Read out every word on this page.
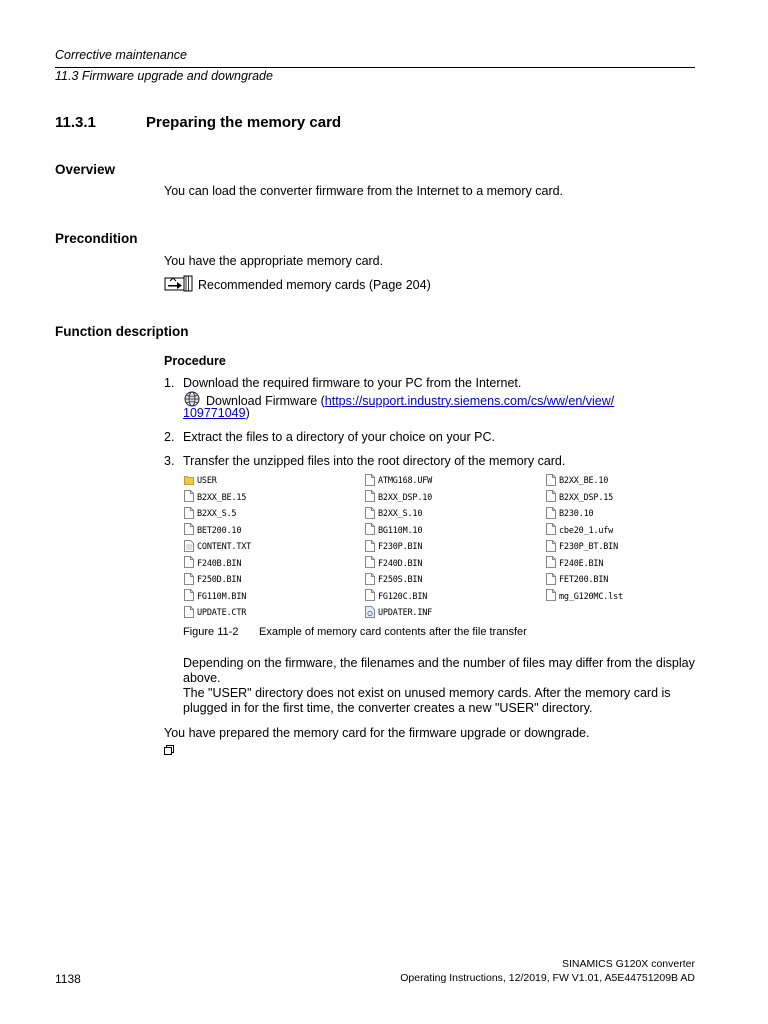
Corrective maintenance
11.3 Firmware upgrade and downgrade
11.3.1	Preparing the memory card
Overview
You can load the converter firmware from the Internet to a memory card.
Precondition
You have the appropriate memory card.
Recommended memory cards (Page 204)
Function description
Procedure
1. Download the required firmware to your PC from the Internet.
Download Firmware ( https://support.industry.siemens.com/cs/ww/en/view/
109771049)
2. Extract the files to a directory of your choice on your PC.
3. Transfer the unzipped files into the root directory of the memory card.
USER	ATMG168.UFW	B2XX_BE.10
B2XX_BE.15	B2XX_DSP.10	B2XX_DSP.15
B2XX_S.5	B2XX_S.10	B230.10
BET200.10	BG110M.10	cbe20_1.ufw
CONTENT.TXT	F230P.BIN	F230P_BT.BIN
F240B.BIN	F240D.BIN	F240E.BIN
F250D.BIN	F250S.BIN	FET200.BIN
FG110M.BIN	FG120C.BIN	mg_G120MC.lst
UPDATE.CTR	UPDATER.INF
Figure 11-2 Example of memory card contents after the file transfer
Depending on the firmware, the filenames and the number of files may differ from the display above.
The "USER" directory does not exist on unused memory cards. After the memory card is plugged in for the first time, the converter creates a new "USER" directory.
You have prepared the memory card for the firmware upgrade or downgrade.
1138
SINAMICS G120X converter
Operating Instructions, 12/2019, FW V1.01, A5E44751209B AD
